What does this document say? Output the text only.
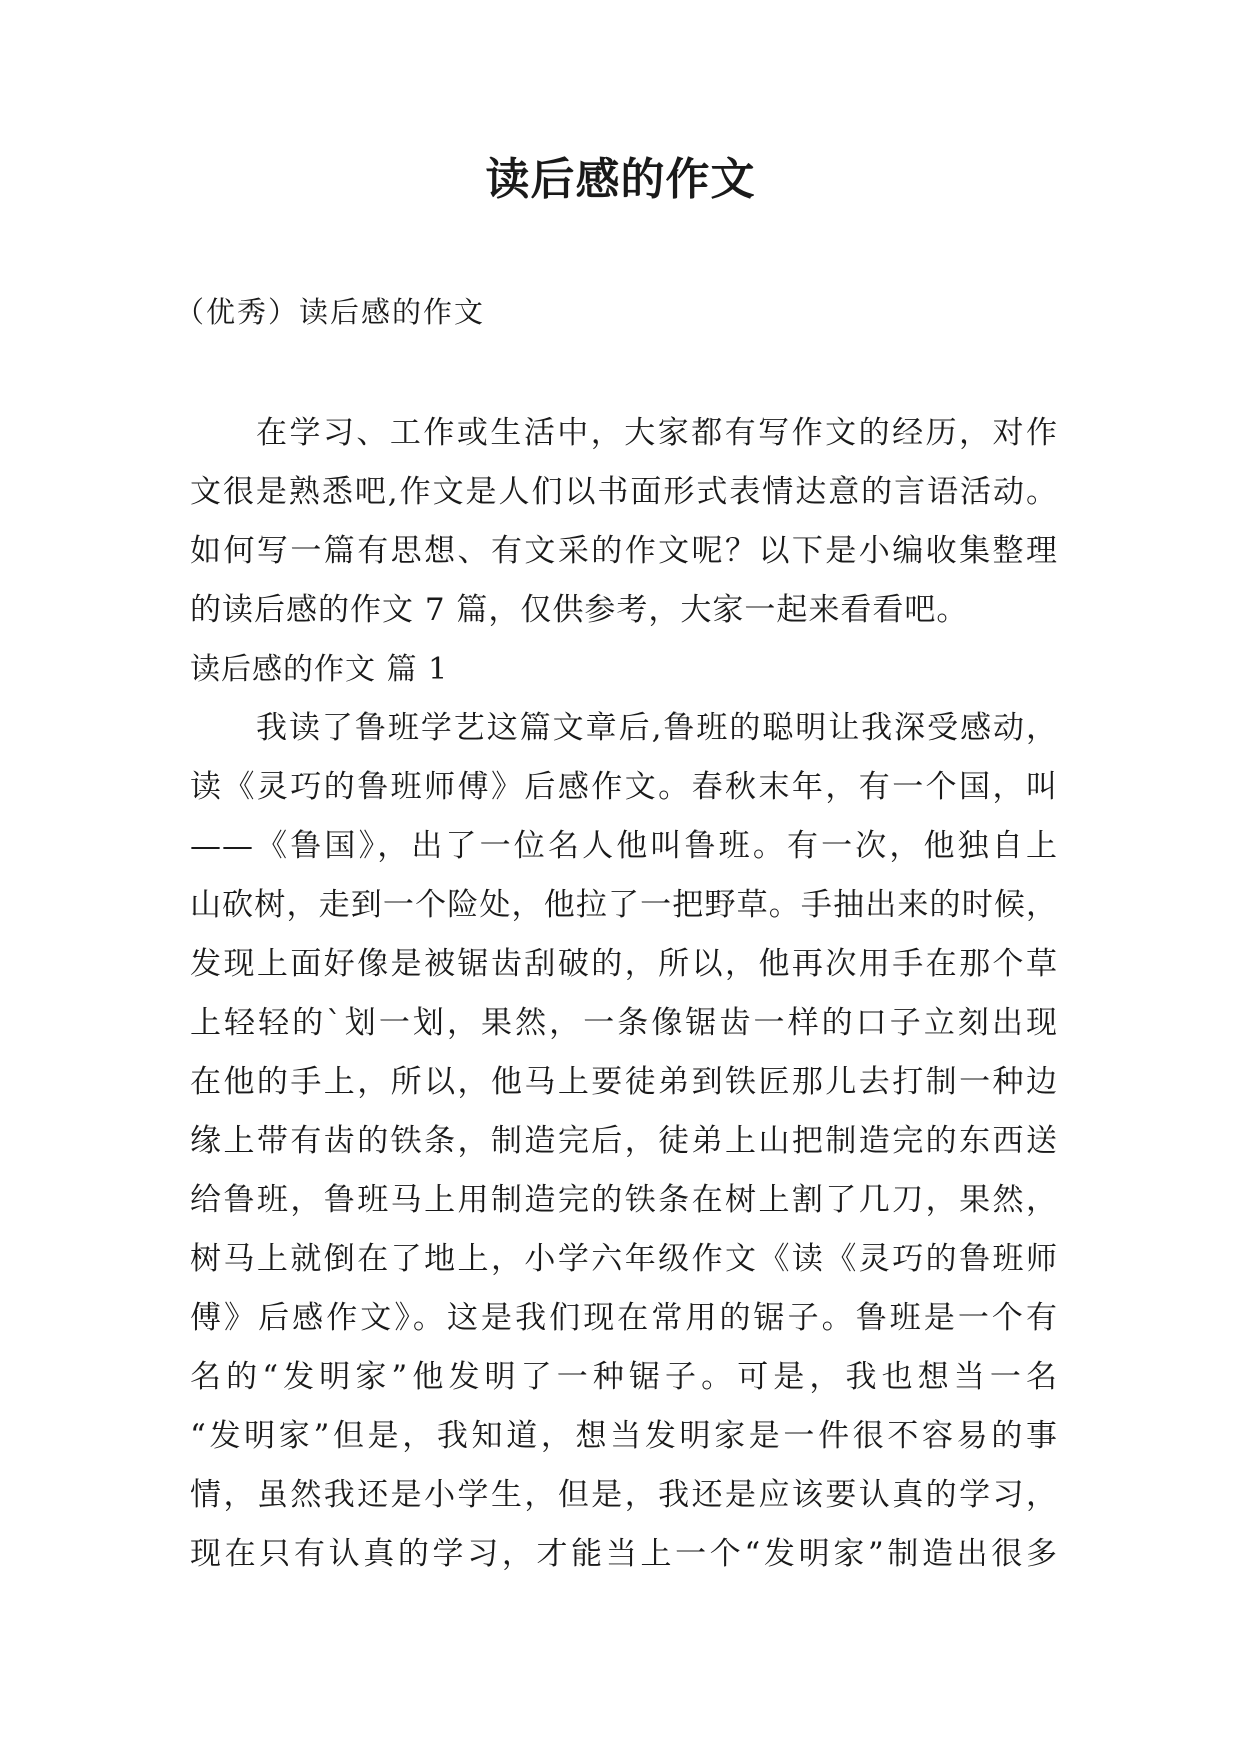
读后感的作文

（优秀）读后感的作文

在学习、工作或生活中，大家都有写作文的经历，对作
文很是熟悉吧,作文是人们以书面形式表情达意的言语活动。
如何写一篇有思想、有文采的作文呢？以下是小编收集整理
的读后感的作文 7 篇，仅供参考，大家一起来看看吧。
读后感的作文 篇 1
我读了鲁班学艺这篇文章后,鲁班的聪明让我深受感动，
读《灵巧的鲁班师傅》后感作文。春秋末年，有一个国，叫
——《鲁国》，出了一位名人他叫鲁班。有一次，他独自上
山砍树，走到一个险处，他拉了一把野草。手抽出来的时候，
发现上面好像是被锯齿刮破的，所以，他再次用手在那个草
上轻轻的`划一划，果然，一条像锯齿一样的口子立刻出现
在他的手上，所以，他马上要徒弟到铁匠那儿去打制一种边
缘上带有齿的铁条，制造完后，徒弟上山把制造完的东西送
给鲁班，鲁班马上用制造完的铁条在树上割了几刀，果然，
树马上就倒在了地上，小学六年级作文《读《灵巧的鲁班师
傅》后感作文》。这是我们现在常用的锯子。鲁班是一个有
名的“发明家”他发明了一种锯子。可是，我也想当一名
“发明家”但是，我知道，想当发明家是一件很不容易的事
情，虽然我还是小学生，但是，我还是应该要认真的学习，
现在只有认真的学习，才能当上一个“发明家”制造出很多
